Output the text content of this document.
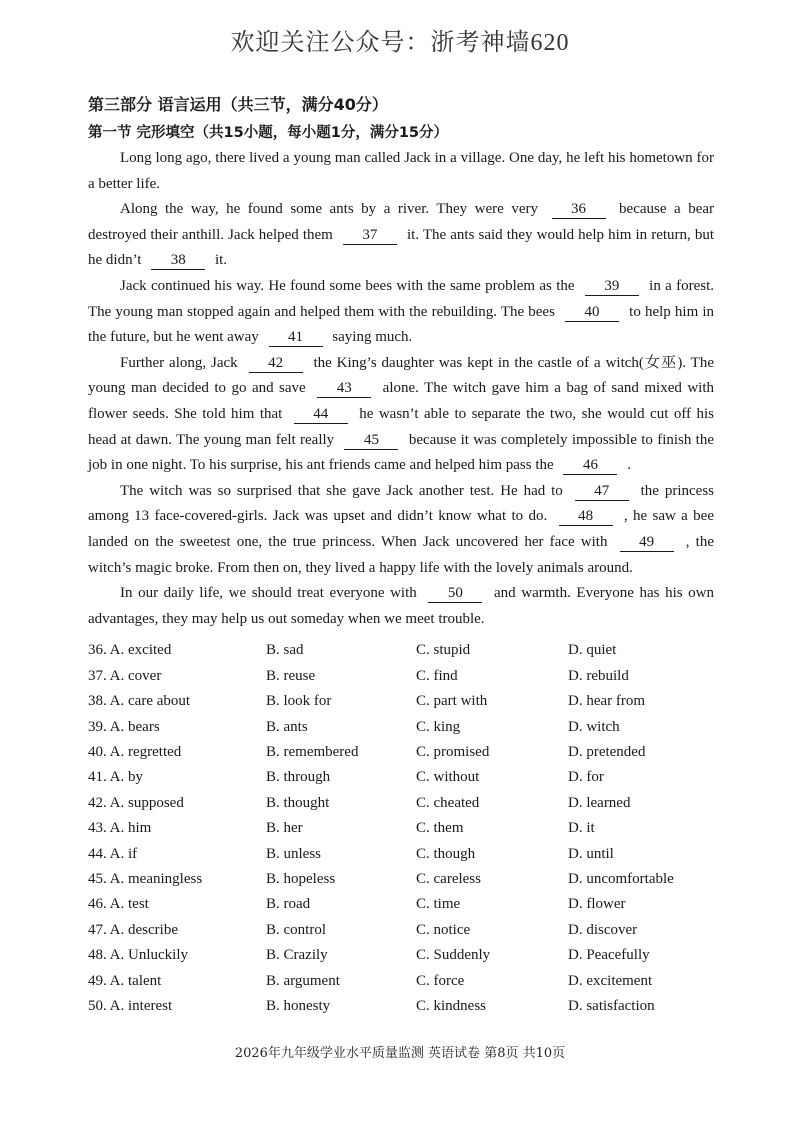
欢迎关注公众号：浙考神墙620
第三部分 语言运用（共三节，满分40分）
第一节 完形填空（共15小题，每小题1分，满分15分）

Long long ago, there lived a young man called Jack in a village. One day, he left his hometown for a better life.

Along the way, he found some ants by a river. They were very 36 because a bear destroyed their anthill. Jack helped them 37 it. The ants said they would help him in return, but he didn’t 38 it.

Jack continued his way. He found some bees with the same problem as the 39 in a forest. The young man stopped again and helped them with the rebuilding. The bees 40 to help him in the future, but he went away 41 saying much.

Further along, Jack 42 the King’s daughter was kept in the castle of a witch(女巫). The young man decided to go and save 43 alone. The witch gave him a bag of sand mixed with flower seeds. She told him that 44 he wasn’t able to separate the two, she would cut off his head at dawn. The young man felt really 45 because it was completely impossible to finish the job in one night. To his surprise, his ant friends came and helped him pass the 46 .

The witch was so surprised that she gave Jack another test. He had to 47 the princess among 13 face-covered-girls. Jack was upset and didn’t know what to do. 48 , he saw a bee landed on the sweetest one, the true princess. When Jack uncovered her face with 49 , the witch’s magic broke. From then on, they lived a happy life with the lovely animals around.

In our daily life, we should treat everyone with 50 and warmth. Everyone has his own advantages, they may help us out someday when we meet trouble.

36. A. excited	B. sad	C. stupid	D. quiet
37. A. cover	B. reuse	C. find	D. rebuild
38. A. care about	B. look for	C. part with	D. hear from
39. A. bears	B. ants	C. king	D. witch
40. A. regretted	B. remembered	C. promised	D. pretended
41. A. by	B. through	C. without	D. for
42. A. supposed	B. thought	C. cheated	D. learned
43. A. him	B. her	C. them	D. it
44. A. if	B. unless	C. though	D. until
45. A. meaningless	B. hopeless	C. careless	D. uncomfortable
46. A. test	B. road	C. time	D. flower
47. A. describe	B. control	C. notice	D. discover
48. A. Unluckily	B. Crazily	C. Suddenly	D. Peacefully
49. A. talent	B. argument	C. force	D. excitement
50. A. interest	B. honesty	C. kindness	D. satisfaction
2026年九年级学业水平质量监测 英语试卷 第8页 共10页
